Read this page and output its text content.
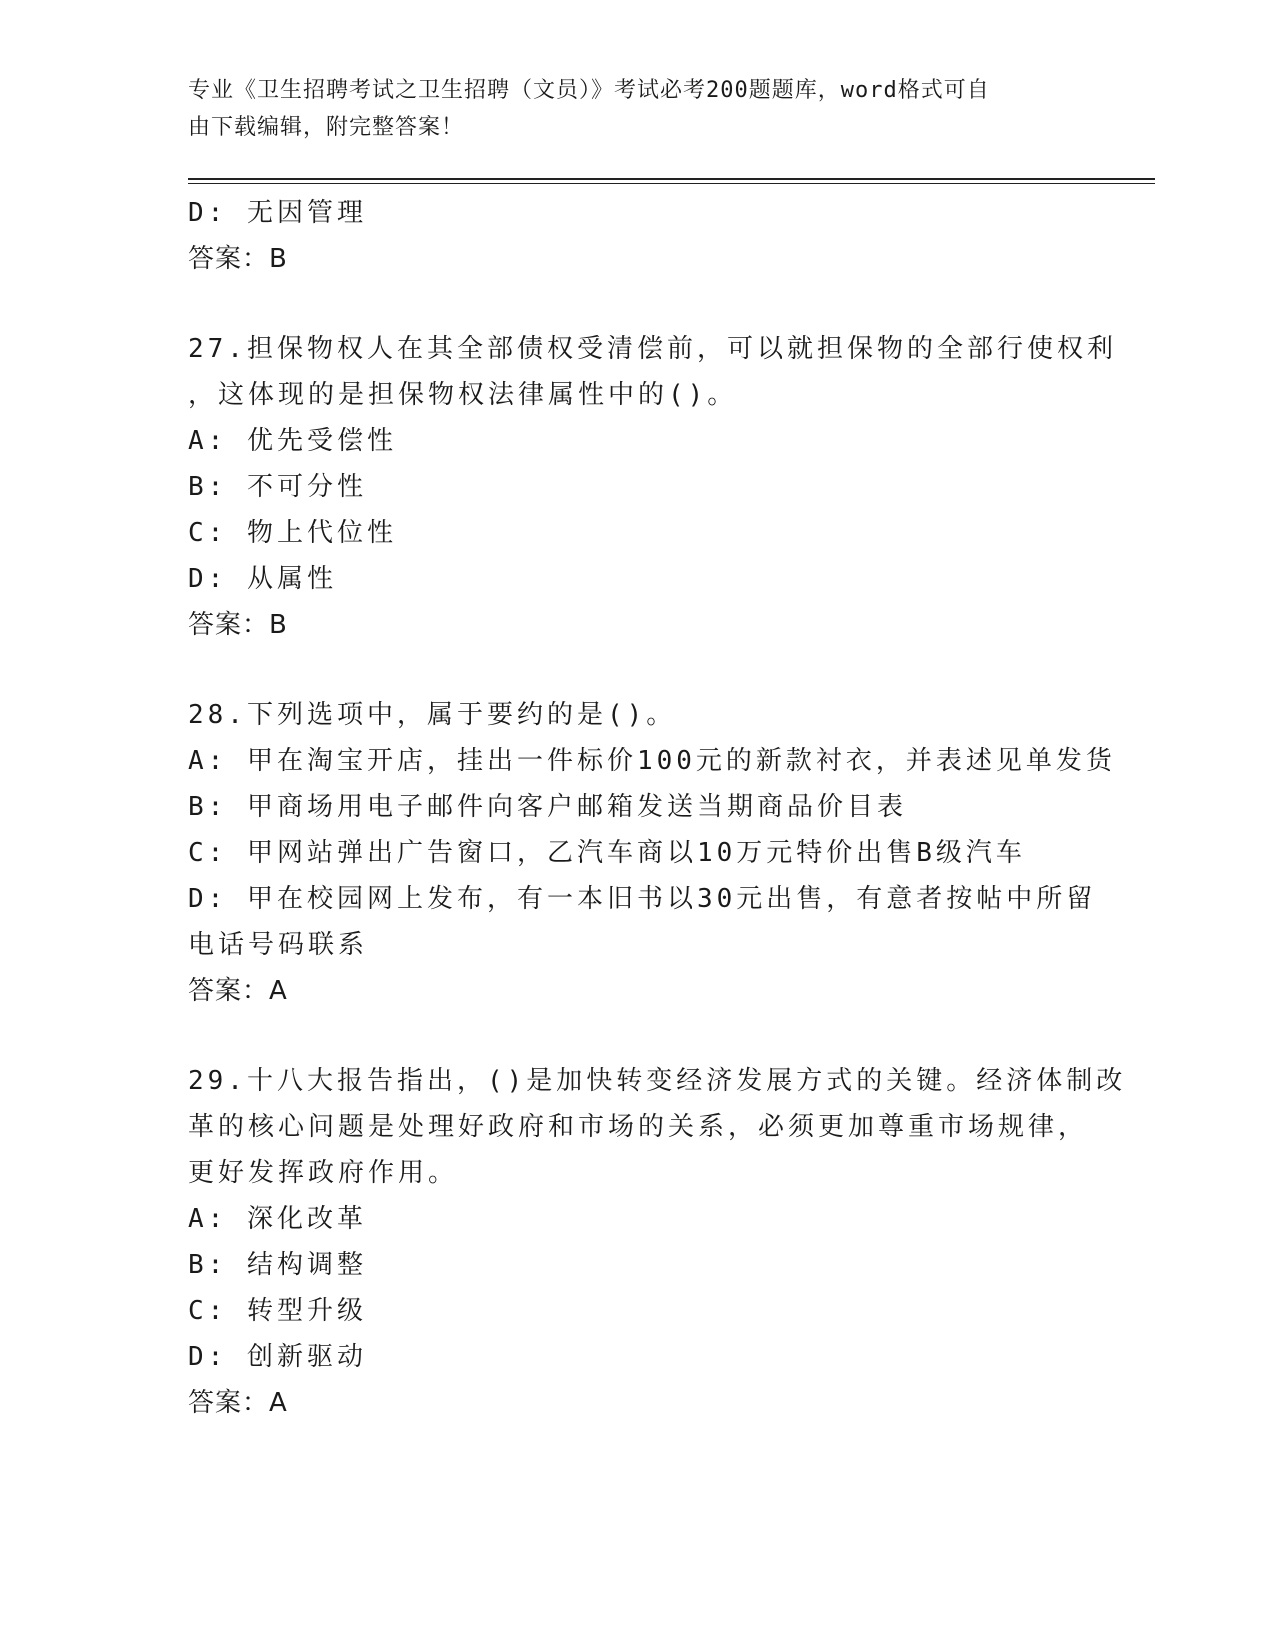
专业《卫生招聘考试之卫生招聘（文员）》考试必考200题题库，word格式可自
由下载编辑，附完整答案！
D: 无因管理
答案：B
27.担保物权人在其全部债权受清偿前，可以就担保物的全部行使权利
，这体现的是担保物权法律属性中的()。
A: 优先受偿性
B: 不可分性
C: 物上代位性
D: 从属性
答案：B
28.下列选项中，属于要约的是()。
A: 甲在淘宝开店，挂出一件标价100元的新款衬衣，并表述见单发货
B: 甲商场用电子邮件向客户邮箱发送当期商品价目表
C: 甲网站弹出广告窗口，乙汽车商以10万元特价出售B级汽车
D: 甲在校园网上发布，有一本旧书以30元出售，有意者按帖中所留
电话号码联系
答案：A
29.十八大报告指出，()是加快转变经济发展方式的关键。经济体制改
革的核心问题是处理好政府和市场的关系，必须更加尊重市场规律，
更好发挥政府作用。
A: 深化改革
B: 结构调整
C: 转型升级
D: 创新驱动
答案：A
